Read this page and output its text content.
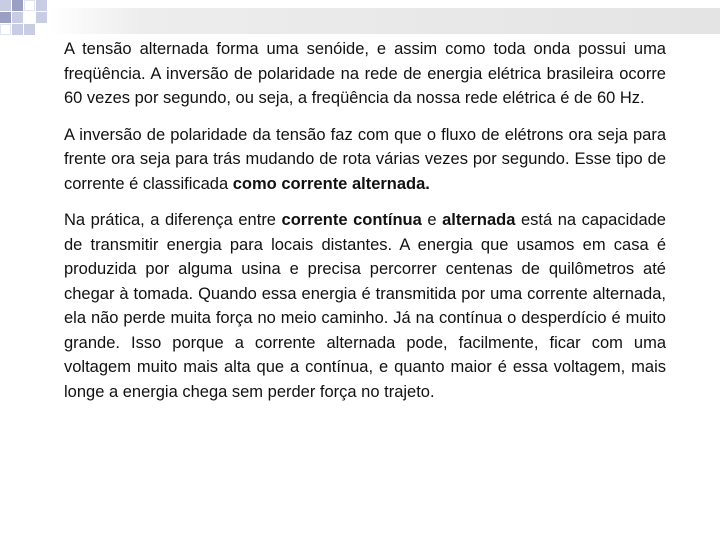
A tensão alternada forma uma senóide, e assim como toda onda possui uma freqüência. A inversão de polaridade na rede de energia elétrica brasileira ocorre 60 vezes por segundo, ou seja, a freqüência da nossa rede elétrica é de 60 Hz.

A inversão de polaridade da tensão faz com que o fluxo de elétrons ora seja para frente ora seja para trás mudando de rota várias vezes por segundo. Esse tipo de corrente é classificada como corrente alternada.

Na prática, a diferença entre corrente contínua e alternada está na capacidade de transmitir energia para locais distantes. A energia que usamos em casa é produzida por alguma usina e precisa percorrer centenas de quilômetros até chegar à tomada. Quando essa energia é transmitida por uma corrente alternada, ela não perde muita força no meio caminho. Já na contínua o desperdício é muito grande. Isso porque a corrente alternada pode, facilmente, ficar com uma voltagem muito mais alta que a contínua, e quanto maior é essa voltagem, mais longe a energia chega sem perder força no trajeto.
